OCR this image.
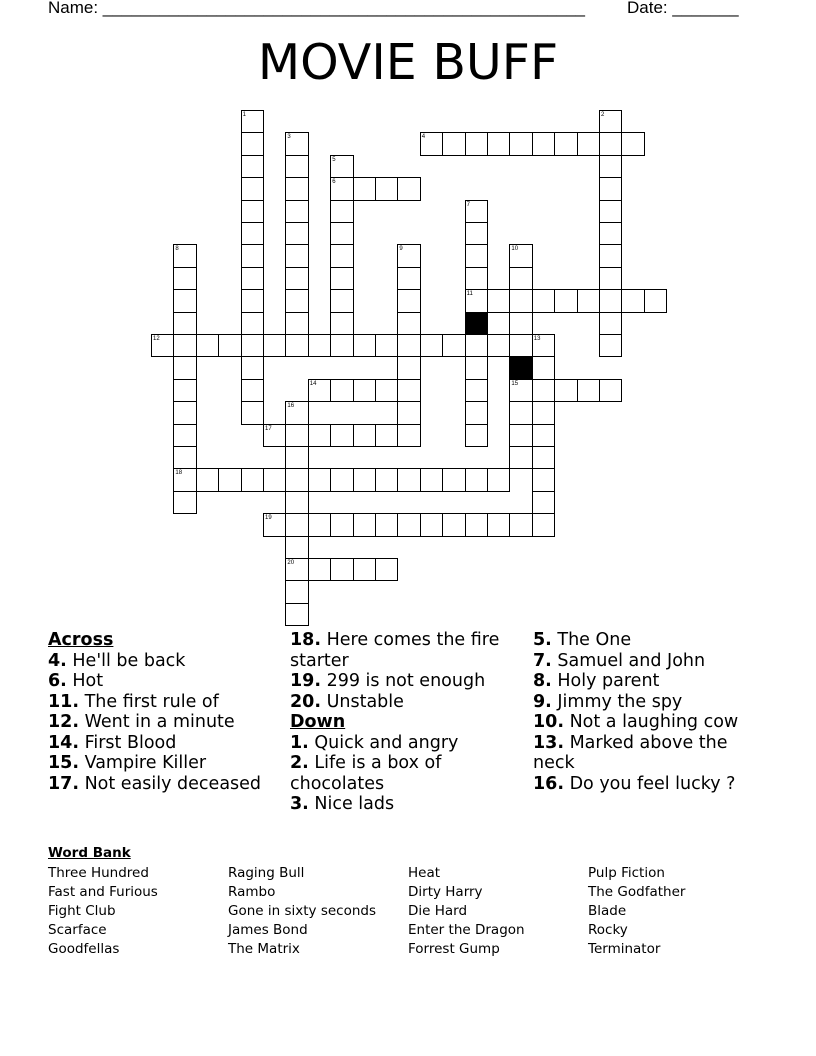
Name: ___________________________________________________ Date: _______
MOVIE BUFF
1	2
3	4
5
6
7
8	9	10
11
12	13
14	15
16
17
18
19
20
Across
4. He'll be back
6. Hot
11. The first rule of
12. Went in a minute
14. First Blood
15. Vampire Killer
17. Not easily deceased
18. Here comes the fire starter
19. 299 is not enough
20. Unstable
Down
1. Quick and angry
2. Life is a box of chocolates
3. Nice lads
5. The One
7. Samuel and John
8. Holy parent
9. Jimmy the spy
10. Not a laughing cow
13. Marked above the neck
16. Do you feel lucky ?
Word Bank
Three Hundred
Fast and Furious
Fight Club
Scarface
Goodfellas
Raging Bull
Rambo
Gone in sixty seconds
James Bond
The Matrix
Heat
Dirty Harry
Die Hard
Enter the Dragon
Forrest Gump
Pulp Fiction
The Godfather
Blade
Rocky
Terminator
